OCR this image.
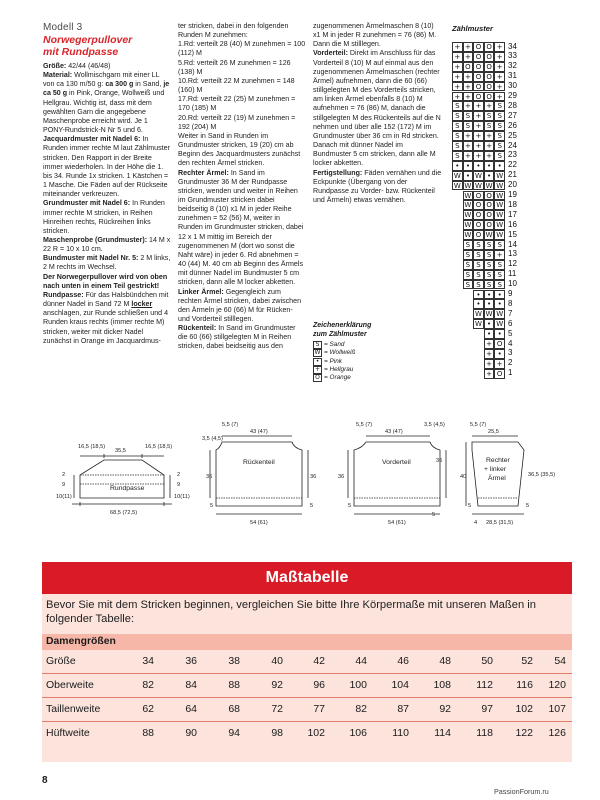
Modell 3
Norwegerpullover
mit Rundpasse

Größe: 42/44 (46/48)

Material: Wollmischgarn mit einer LL von ca 130 m/50 g: ca 300 g in Sand, je ca 50 g in Pink, Orange, Wollweiß und Hellgrau. Wichtig ist, dass mit dem gewählten Garn die angegebene Maschenprobe erreicht wird. Je 1 PONY-Rundstrick-N Nr 5 und 6.

Jacquardmuster mit Nadel 6: In Runden immer rechte M laut Zählmuster stricken. Den Rapport in der Breite immer wiederholen. In der Höhe die 1. bis 34. Runde 1x stricken. 1 Kästchen = 1 Masche. Die Fäden auf der Rückseite miteinander verkreuzen.

Grundmuster mit Nadel 6: In Runden immer rechte M stricken, in Reihen Hinreihen rechts, Rückreihen links stricken.

Maschenprobe (Grundmuster): 14 M x 22 R = 10 x 10 cm.

Bundmuster mit Nadel Nr. 5: 2 M links, 2 M rechts im Wechsel.

Der Norwegerpullover wird von oben nach unten in einem Teil gestrickt!

Rundpasse: Für das Halsbündchen mit dünner Nadel in Sand 72 M locker anschlagen, zur Runde schließen und 4 Runden kraus rechts (immer rechte M) stricken, weiter mit dicker Nadel zunächst in Orange im Jacquardmus-

ter stricken, dabei in den folgenden Runden M zunehmen:

1.Rd: verteilt 28 (40) M zunehmen = 100 (112) M

5.Rd: verteilt 26 M zunehmen = 126 (138) M

10.Rd: verteilt 22 M zunehmen = 148 (160) M

17.Rd: verteilt 22 (25) M zunehmen = 170 (185) M

20.Rd: verteilt 22 (19) M zunehmen = 192 (204) M

Weiter in Sand in Runden im Grundmuster stricken, 19 (20) cm ab Beginn des Jacquardmusters zunächst den rechten Ärmel stricken.

Rechter Ärmel: In Sand im Grundmuster 36 M der Rundpasse stricken, wenden und weiter in Reihen im Grundmuster stricken dabei beidseitig 8 (10) x1 M in jeder Reihe zunehmen = 52 (56) M, weiter in Runden im Grundmuster stricken, dabei 12 x 1 M mittig im Bereich der zugenommenen M (dort wo sonst die Naht wäre) in jeder 6. Rd abnehmen = 40 (44) M. 40 cm ab Beginn des Ärmels mit dünner Nadel im Bundmuster 5 cm stricken, dann alle M locker abketten.

Linker Ärmel: Gegengleich zum rechten Ärmel stricken, dabei zwischen den Ärmeln je 60 (66) M für Rücken- und Vorderteil stilllegen.

Rückenteil: In Sand im Grundmuster die 60 (66) stillgelegten M in Reihen stricken, dabei beidseitig aus den

zugenommenen Ärmelmaschen 8 (10) x1 M in jeder R zunehmen = 76 (86) M. Dann die M stilllegen.

Vorderteil: Direkt im Anschluss für das Vorderteil 8 (10) M auf einmal aus den zugenommenen Ärmelmaschen (rechter Ärmel) aufnehmen, dann die 60 (66) stillgelegten M des Vorderteils stricken, am linken Ärmel ebenfalls 8 (10) M aufnehmen = 76 (86) M, danach die stillgelegten M des Rückenteils auf die N nehmen und über alle 152 (172) M im Grundmuster über 36 cm in Rd stricken. Danach mit dünner Nadel im Bundmuster 5 cm stricken, dann alle M locker abketten.

Fertigstellung: Fäden vernähen und die Eckpunkte (Übergang von der Rundpasse zu Vorder- bzw. Rückenteil und Ärmeln) etwas vernähen.

Zeichenerklärung
zum Zählmuster
S = Sand
W = Wollweiß
• = Pink
+ = Hellgrau
O = Orange
Zählmuster
+ + O O + 34
+ + O O + 33
+ O O O + 32
+ + O O + 31
+ + O O + 30
+ + O O + 29
S + + + S 28
S S + S S 27
S S + S S 26
S + + + S 25
S + + + S 24
S + + + S 23
• • • • • 22
W • W • W 21
W W W W W 20
W O O W 19
W O O W 18
W O O W 17
W O O W 16
W O W W 15
S S S S 14
S S S + 13
S S S S 12
S S S S 11
S S S S 10
• • • 9
• • • 8
W W W 7
W • W 6
• • 5
+ O 4
+ • 3
+ + 2
+ O 1
Rundpasse
16,5 (18,5)
35,5
16,5 (18,5)
2
9
10(11)
2
9
10(11)
68,5 (72,5)
Rückenteil
43 (47)
5,5 (7)
3,5 (4,5)
36	36
5	5
54 (61)
Vorderteil
43 (47)
5,5 (7)	3,5 (4,5)
36
36
5
5
54 (61)
Rechter
+ linker
Ärmel
25,5
5,5 (7)
40	36,5 (35,5)
5	5
28,5 (31,5)
4
Maßtabelle
Bevor Sie mit dem Stricken beginnen, vergleichen Sie bitte Ihre Körpermaße mit unseren Maßen in folgender Tabelle:
Damengrößen
Größe	34	36	38	40	42	44	46	48	50	52	54
Oberweite	82	84	88	92	96	100	104	108	112	116	120
Taillenweite	62	64	68	72	77	82	87	92	97	102	107
Hüftweite	88	90	94	98	102	106	110	114	118	122	126
8
PassionForum.ru
